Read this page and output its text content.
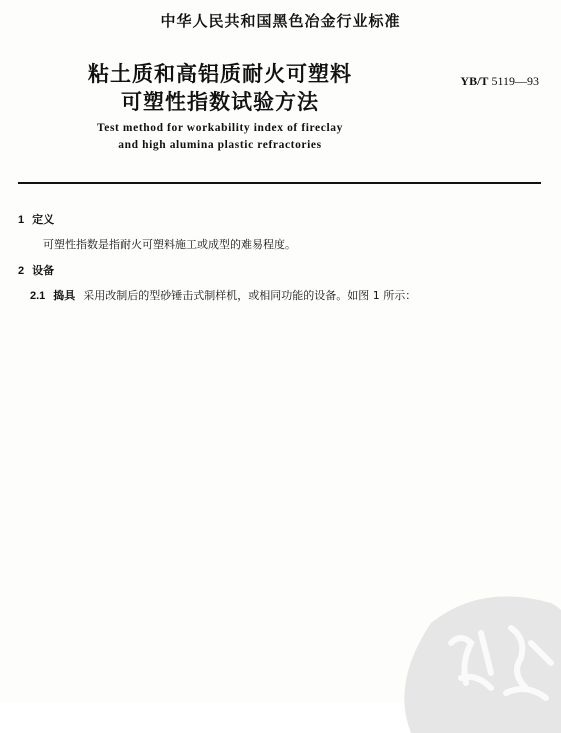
中华人民共和国黑色冶金行业标准
粘土质和高铝质耐火可塑料
可塑性指数试验方法
YB/T 5119—93
Test method for workability index of fireclay
and high alumina plastic refractories
1 定义
可塑性指数是指耐火可塑料施工或成型的难易程度。
2 设备
2.1 捣具 采用改制后的型砂锤击式制样机，或相同功能的设备。如图 1 所示：
